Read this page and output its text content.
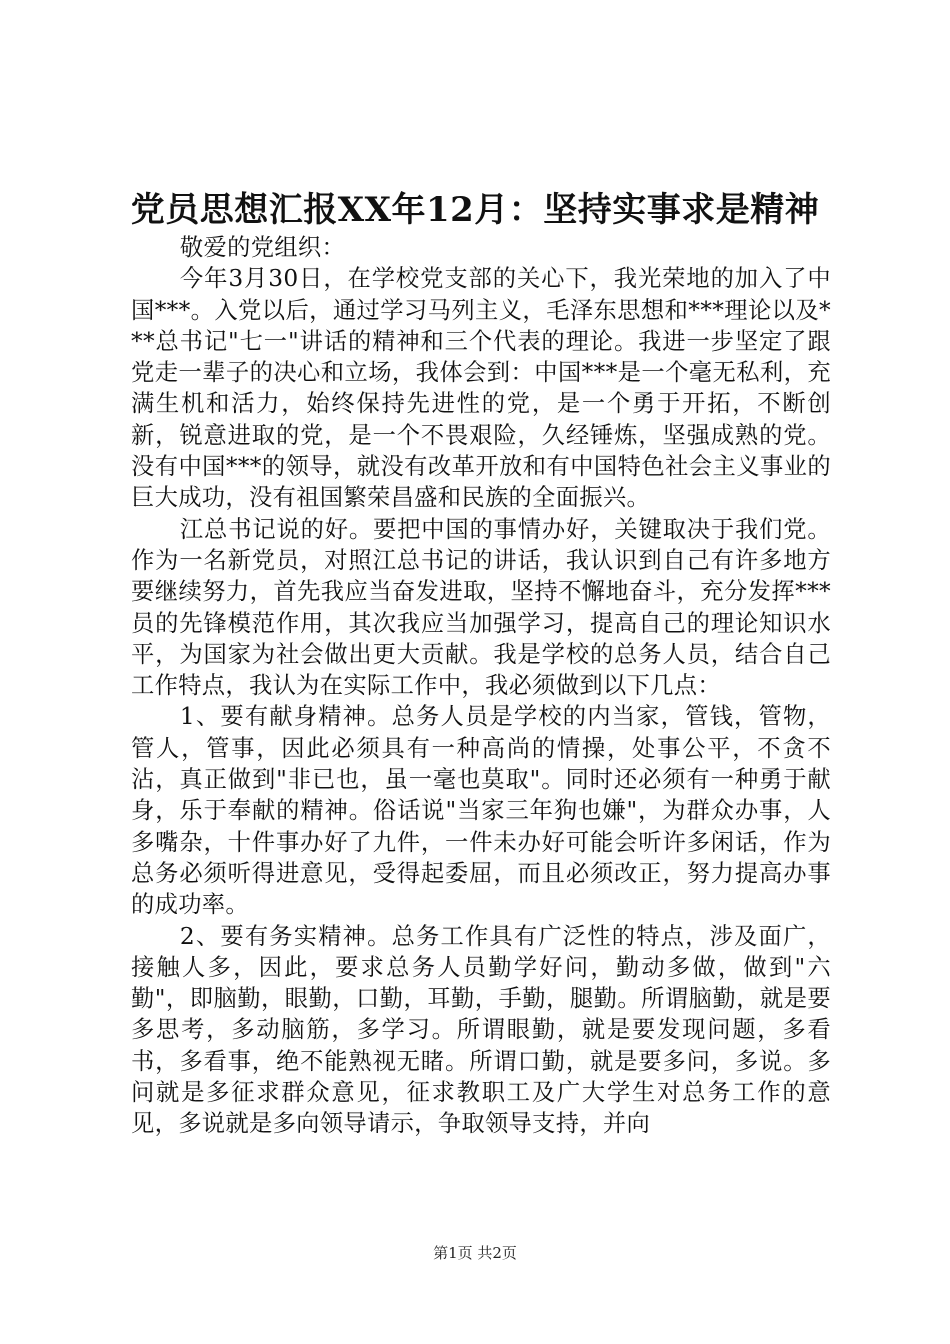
党员思想汇报XX年12月：坚持实事求是精神

敬爱的党组织：

今年3月30日，在学校党支部的关心下，我光荣地的加入了中国***。入党以后，通过学习马列主义，毛泽东思想和***理论以及***总书记"七一"讲话的精神和三个代表的理论。我进一步坚定了跟党走一辈子的决心和立场，我体会到：中国***是一个毫无私利，充满生机和活力，始终保持先进性的党，是一个勇于开拓，不断创新，锐意进取的党，是一个不畏艰险，久经锤炼，坚强成熟的党。没有中国***的领导，就没有改革开放和有中国特色社会主义事业的巨大成功，没有祖国繁荣昌盛和民族的全面振兴。

江总书记说的好。要把中国的事情办好，关键取决于我们党。作为一名新党员，对照江总书记的讲话，我认识到自己有许多地方要继续努力，首先我应当奋发进取，坚持不懈地奋斗，充分发挥***员的先锋模范作用，其次我应当加强学习，提高自己的理论知识水平，为国家为社会做出更大贡献。我是学校的总务人员，结合自己工作特点，我认为在实际工作中，我必须做到以下几点：

1、要有献身精神。总务人员是学校的内当家，管钱，管物，管人，管事，因此必须具有一种高尚的情操，处事公平，不贪不沾，真正做到"非已也，虽一毫也莫取"。同时还必须有一种勇于献身，乐于奉献的精神。俗话说"当家三年狗也嫌"，为群众办事，人多嘴杂，十件事办好了九件，一件未办好可能会听许多闲话，作为总务必须听得进意见，受得起委屈，而且必须改正，努力提高办事的成功率。

2、要有务实精神。总务工作具有广泛性的特点，涉及面广，接触人多，因此，要求总务人员勤学好问，勤动多做，做到"六勤"，即脑勤，眼勤，口勤，耳勤，手勤，腿勤。所谓脑勤，就是要多思考，多动脑筋，多学习。所谓眼勤，就是要发现问题，多看书，多看事，绝不能熟视无睹。所谓口勤，就是要多问，多说。多问就是多征求群众意见，征求教职工及广大学生对总务工作的意见，多说就是多向领导请示，争取领导支持，并向

第1页 共2页
